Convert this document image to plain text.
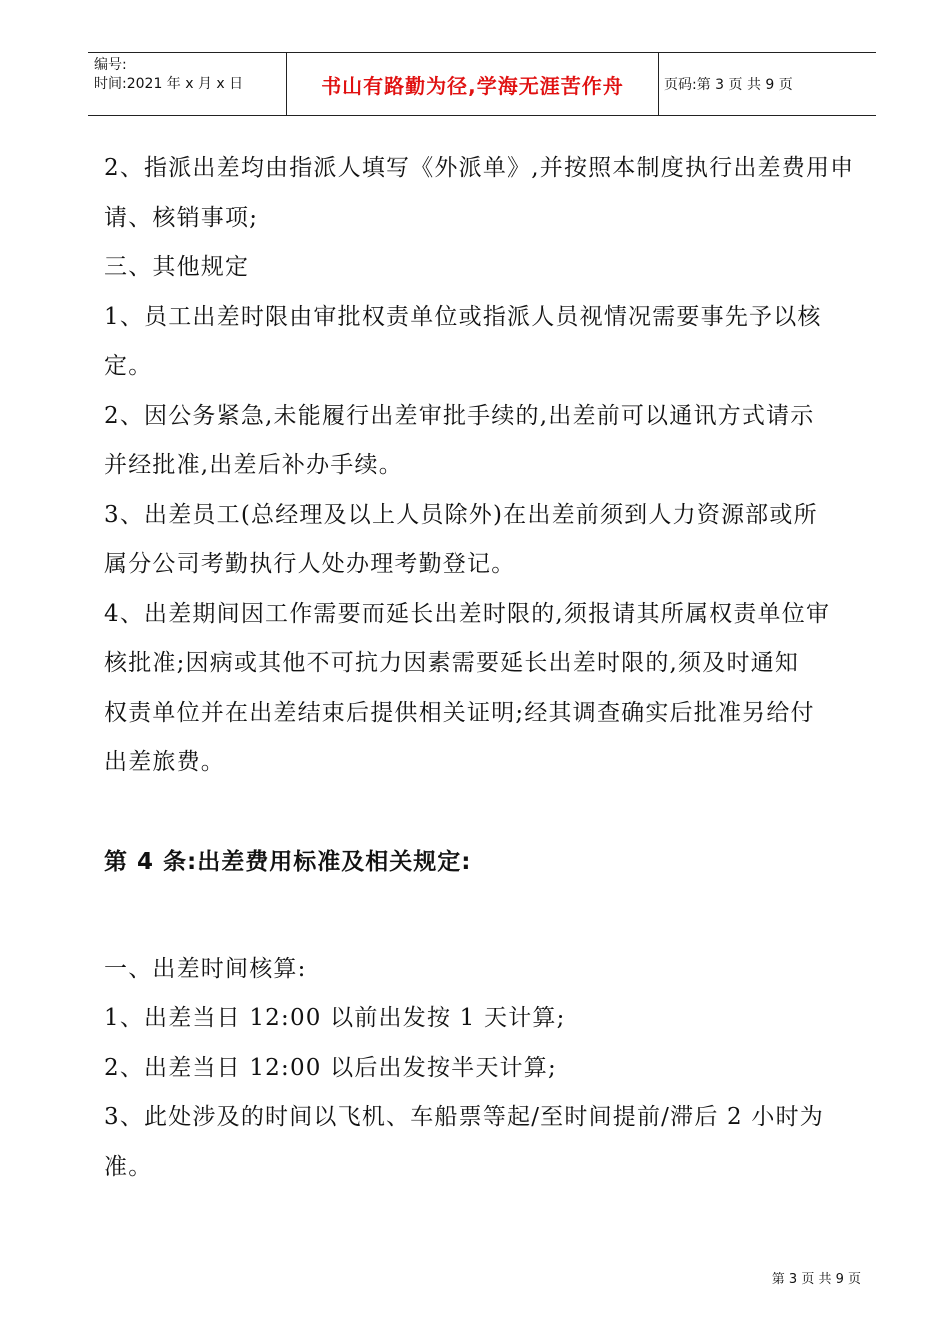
编号:
时间:2021 年 x 月 x 日	书山有路勤为径,学海无涯苦作舟	页码:第 3 页 共 9 页
2、指派出差均由指派人填写《外派单》,并按照本制度执行出差费用申
请、核销事项;
三、其他规定
1、员工出差时限由审批权责单位或指派人员视情况需要事先予以核
定。
2、因公务紧急,未能履行出差审批手续的,出差前可以通讯方式请示
并经批准,出差后补办手续。
3、出差员工(总经理及以上人员除外)在出差前须到人力资源部或所
属分公司考勤执行人处办理考勤登记。
4、出差期间因工作需要而延长出差时限的,须报请其所属权责单位审
核批准;因病或其他不可抗力因素需要延长出差时限的,须及时通知
权责单位并在出差结束后提供相关证明;经其调查确实后批准另给付
出差旅费。
第 4 条:出差费用标准及相关规定:
一、出差时间核算:
1、出差当日 12:00 以前出发按 1 天计算;
2、出差当日 12:00 以后出发按半天计算;
3、此处涉及的时间以飞机、车船票等起/至时间提前/滞后 2 小时为
准。
第 3 页 共 9 页
